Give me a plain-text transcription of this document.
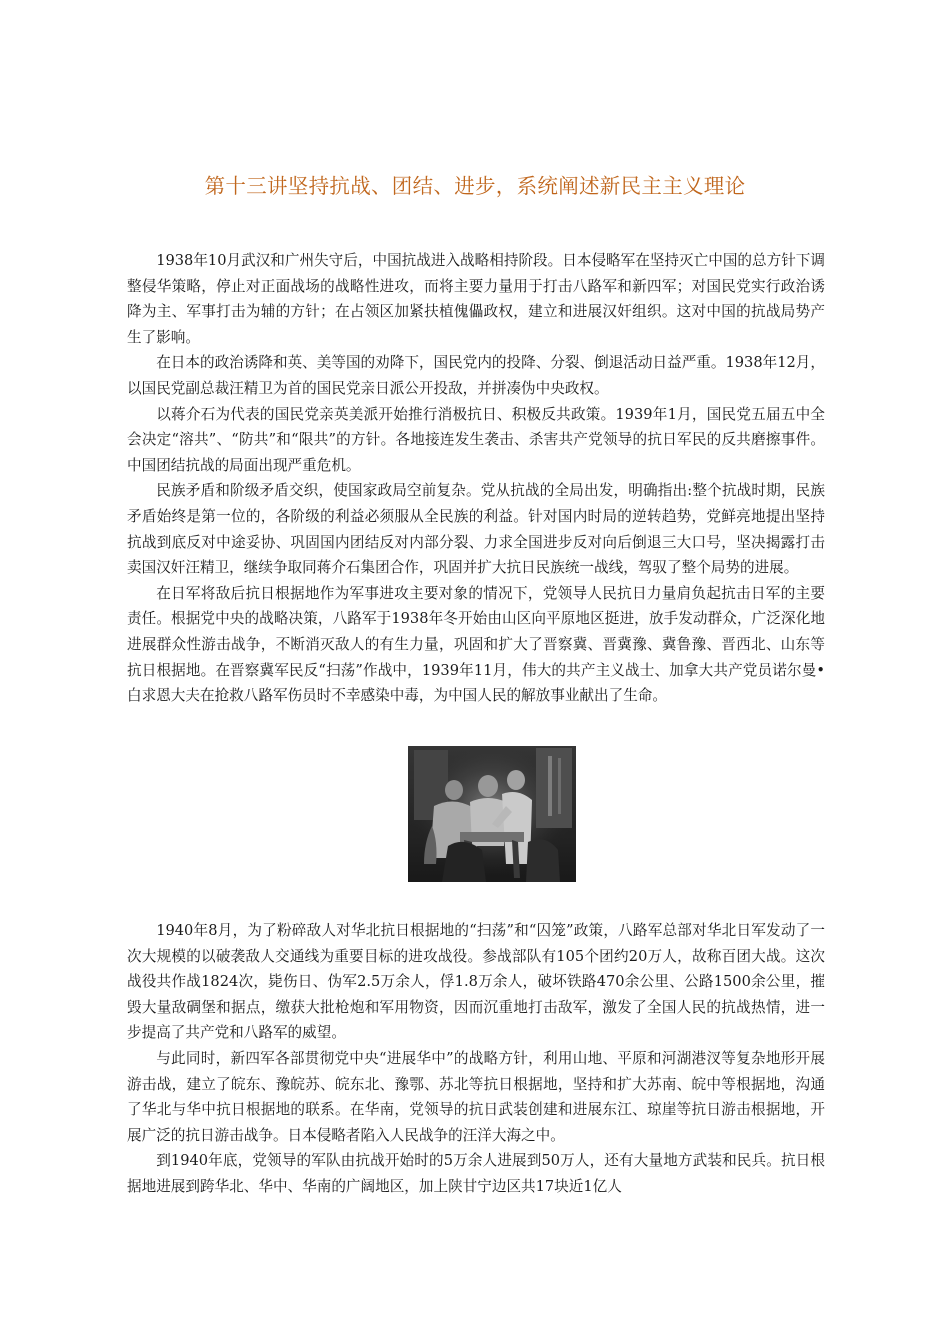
第十三讲坚持抗战、团结、进步，系统阐述新民主主义理论

1938年10月武汉和广州失守后，中国抗战进入战略相持阶段。日本侵略军在坚持灭亡中国的总方针下调整侵华策略，停止对正面战场的战略性进攻，而将主要力量用于打击八路军和新四军；对国民党实行政治诱降为主、军事打击为辅的方针；在占领区加紧扶植傀儡政权，建立和进展汉奸组织。这对中国的抗战局势产生了影响。

在日本的政治诱降和英、美等国的劝降下，国民党内的投降、分裂、倒退活动日益严重。1938年12月，以国民党副总裁汪精卫为首的国民党亲日派公开投敌，并拼凑伪中央政权。

以蒋介石为代表的国民党亲英美派开始推行消极抗日、积极反共政策。1939年1月，国民党五届五中全会决定“溶共”、“防共”和“限共”的方针。各地接连发生袭击、杀害共产党领导的抗日军民的反共磨擦事件。中国团结抗战的局面出现严重危机。

民族矛盾和阶级矛盾交织，使国家政局空前复杂。党从抗战的全局出发，明确指出:整个抗战时期，民族矛盾始终是第一位的，各阶级的利益必须服从全民族的利益。针对国内时局的逆转趋势，党鲜亮地提出坚持抗战到底反对中途妥协、巩固国内团结反对内部分裂、力求全国进步反对向后倒退三大口号，坚决揭露打击卖国汉奸汪精卫，继续争取同蒋介石集团合作，巩固并扩大抗日民族统一战线，驾驭了整个局势的进展。

在日军将敌后抗日根据地作为军事进攻主要对象的情况下，党领导人民抗日力量肩负起抗击日军的主要责任。根据党中央的战略决策，八路军于1938年冬开始由山区向平原地区挺进，放手发动群众，广泛深化地进展群众性游击战争，不断消灭敌人的有生力量，巩固和扩大了晋察冀、晋冀豫、冀鲁豫、晋西北、山东等抗日根据地。在晋察冀军民反“扫荡”作战中，1939年11月，伟大的共产主义战士、加拿大共产党员诺尔曼•白求恩大夫在抢救八路军伤员时不幸感染中毒，为中国人民的解放事业献出了生命。

1940年8月，为了粉碎敌人对华北抗日根据地的“扫荡”和“囚笼”政策，八路军总部对华北日军发动了一次大规模的以破袭敌人交通线为重要目标的进攻战役。参战部队有105个团约20万人，故称百团大战。这次战役共作战1824次，毙伤日、伪军2.5万余人，俘1.8万余人，破坏铁路470余公里、公路1500余公里，摧毁大量敌碉堡和据点，缴获大批枪炮和军用物资，因而沉重地打击敌军，激发了全国人民的抗战热情，进一步提高了共产党和八路军的威望。

与此同时，新四军各部贯彻党中央“进展华中”的战略方针，利用山地、平原和河湖港汊等复杂地形开展游击战，建立了皖东、豫皖苏、皖东北、豫鄂、苏北等抗日根据地，坚持和扩大苏南、皖中等根据地，沟通了华北与华中抗日根据地的联系。在华南，党领导的抗日武装创建和进展东江、琼崖等抗日游击根据地，开展广泛的抗日游击战争。日本侵略者陷入人民战争的汪洋大海之中。

到1940年底，党领导的军队由抗战开始时的5万余人进展到50万人，还有大量地方武装和民兵。抗日根据地进展到跨华北、华中、华南的广阔地区，加上陕甘宁边区共17块近1亿人
